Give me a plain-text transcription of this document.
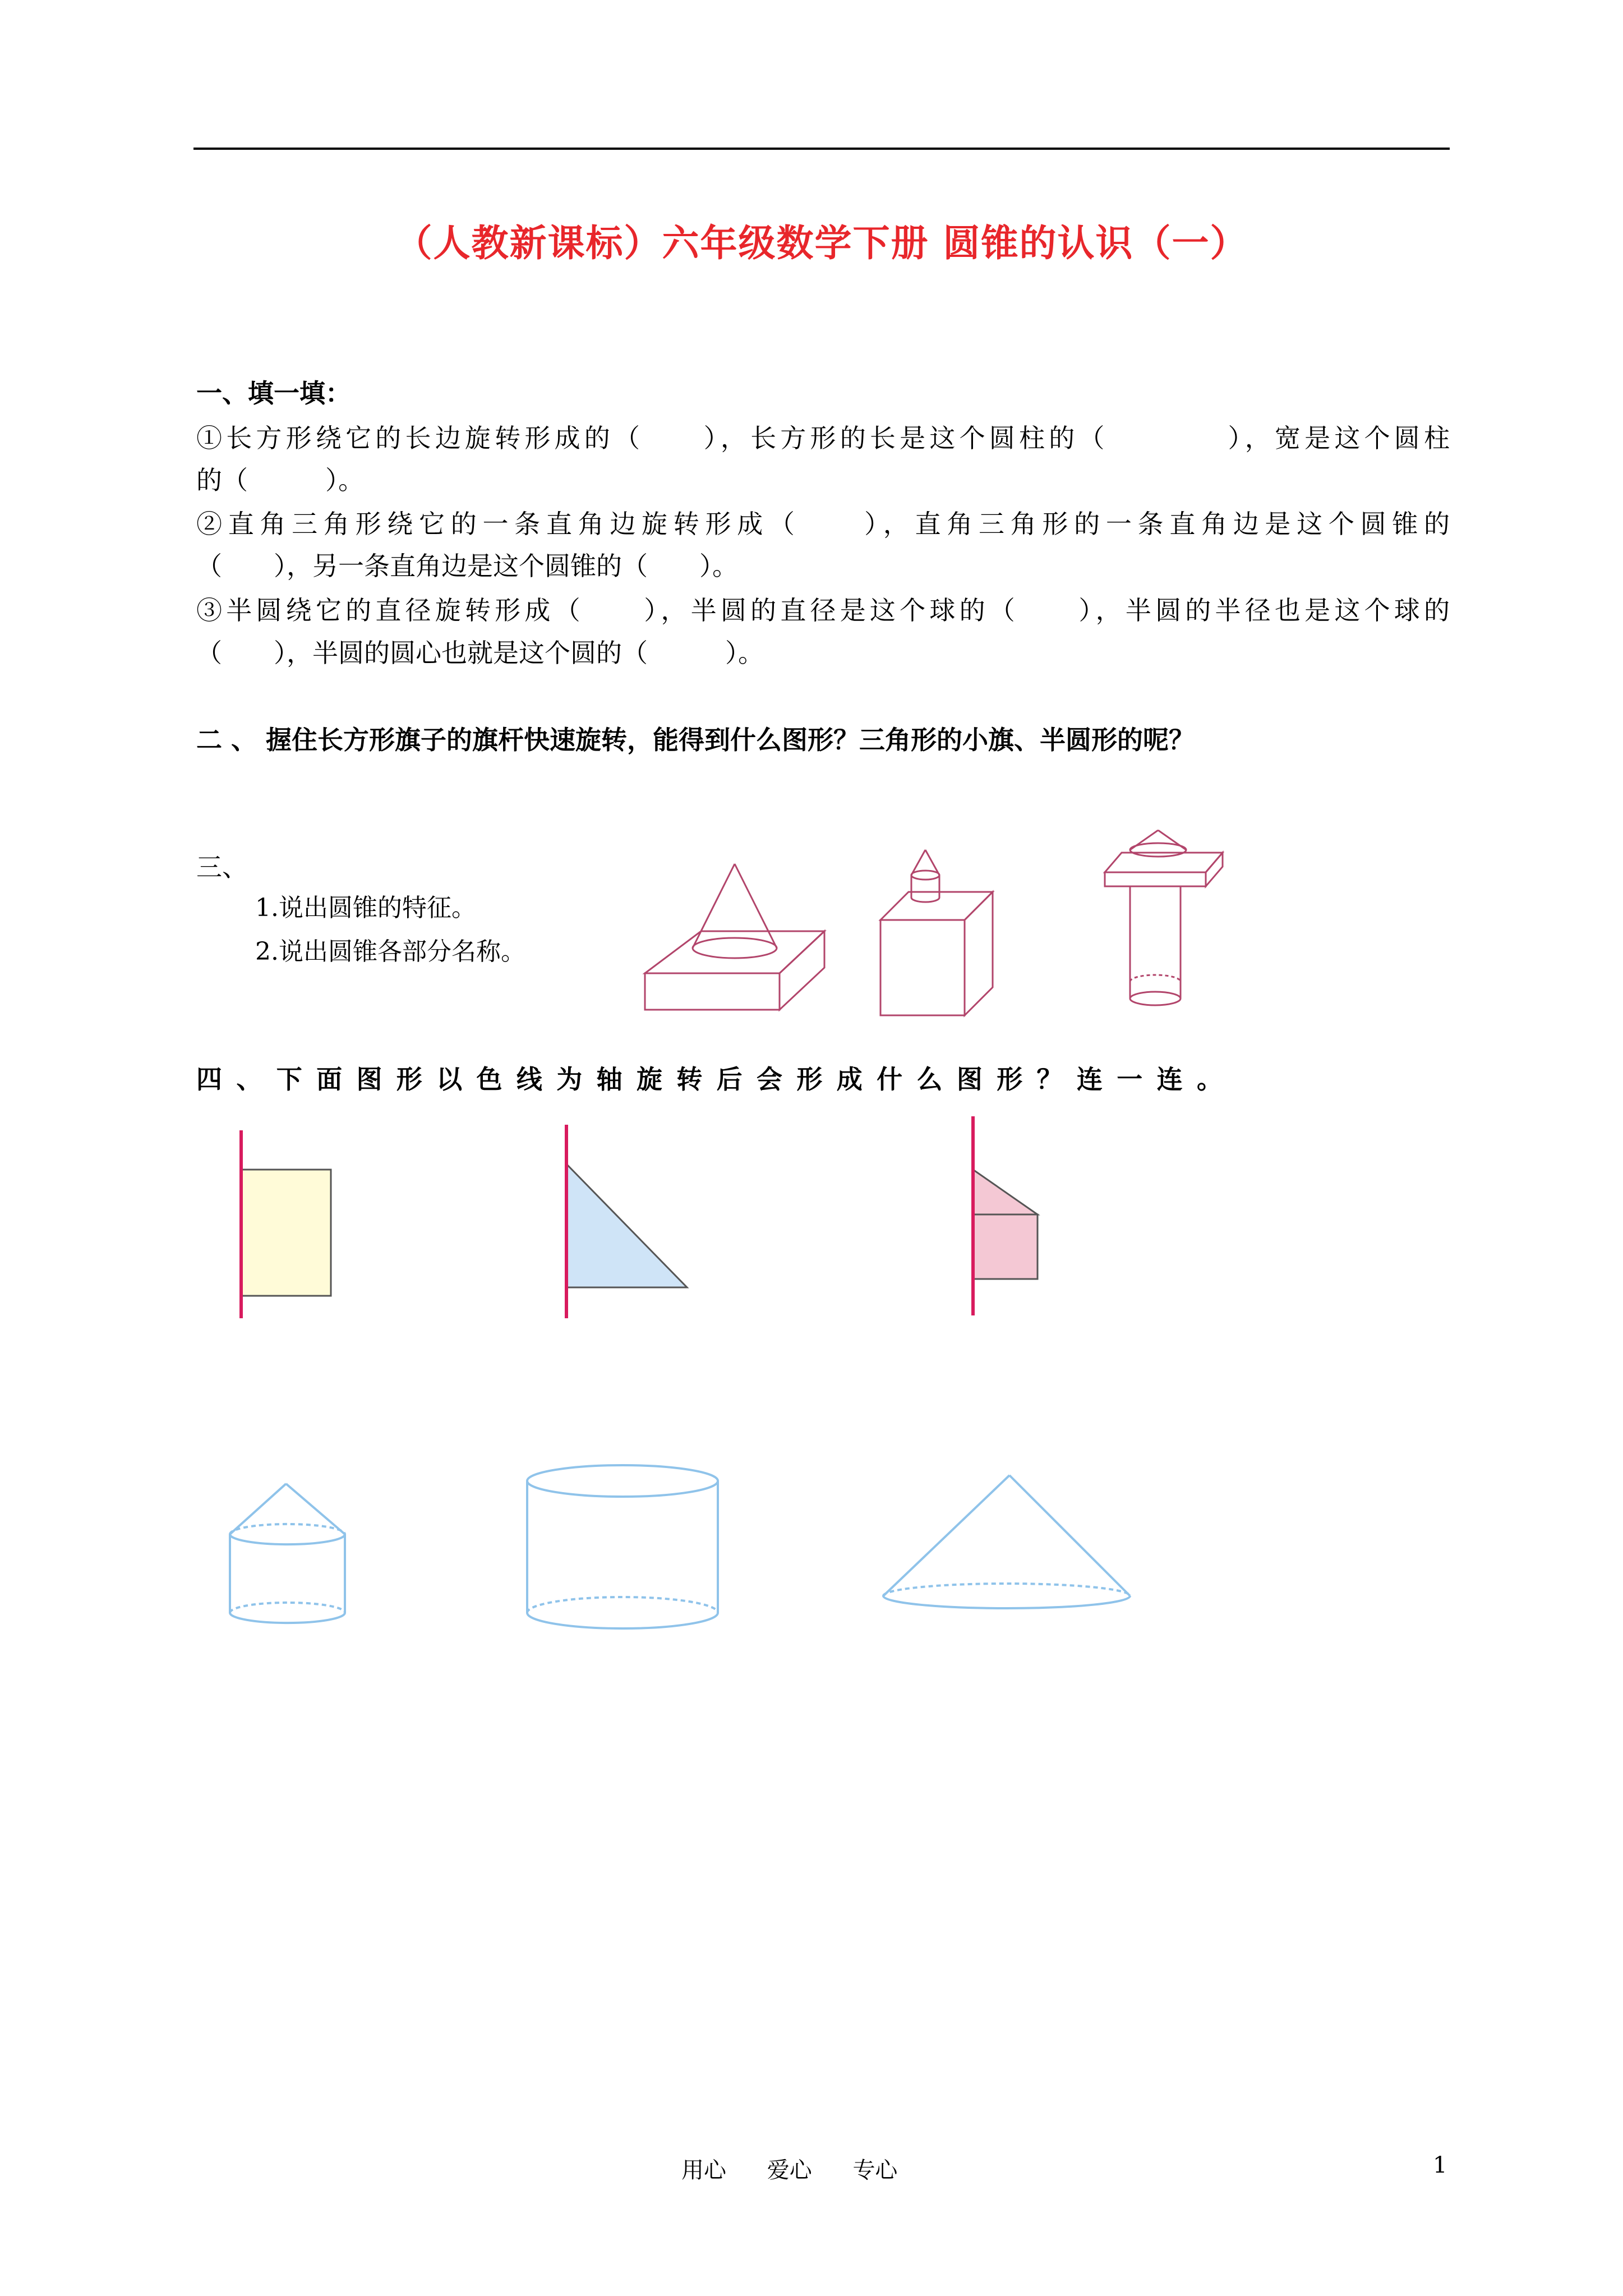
（人教新课标）六年级数学下册 圆锥的认识（一）
一、填一填：
①长方形绕它的长边旋转形成的（　　），长方形的长是这个圆柱的（　　　　），宽是这个圆柱
的（　　　）。
②直角三角形绕它的一条直角边旋转形成（　　），直角三角形的一条直角边是这个圆锥的
（　　），另一条直角边是这个圆锥的（　　）。
③半圆绕它的直径旋转形成（　　），半圆的直径是这个球的（　　），半圆的半径也是这个球的
（　　），半圆的圆心也就是这个圆的（　　　）。
二 、 握住长方形旗子的旗杆快速旋转，能得到什么图形？三角形的小旗、半圆形的呢？
三、
1.说出圆锥的特征。
2.说出圆锥各部分名称。
四 、 下 面 图 形 以 色 线 为 轴 旋 转 后 会 形 成 什 么 图 形 ？ 连 一 连 。
用心 爱心 专心	1
